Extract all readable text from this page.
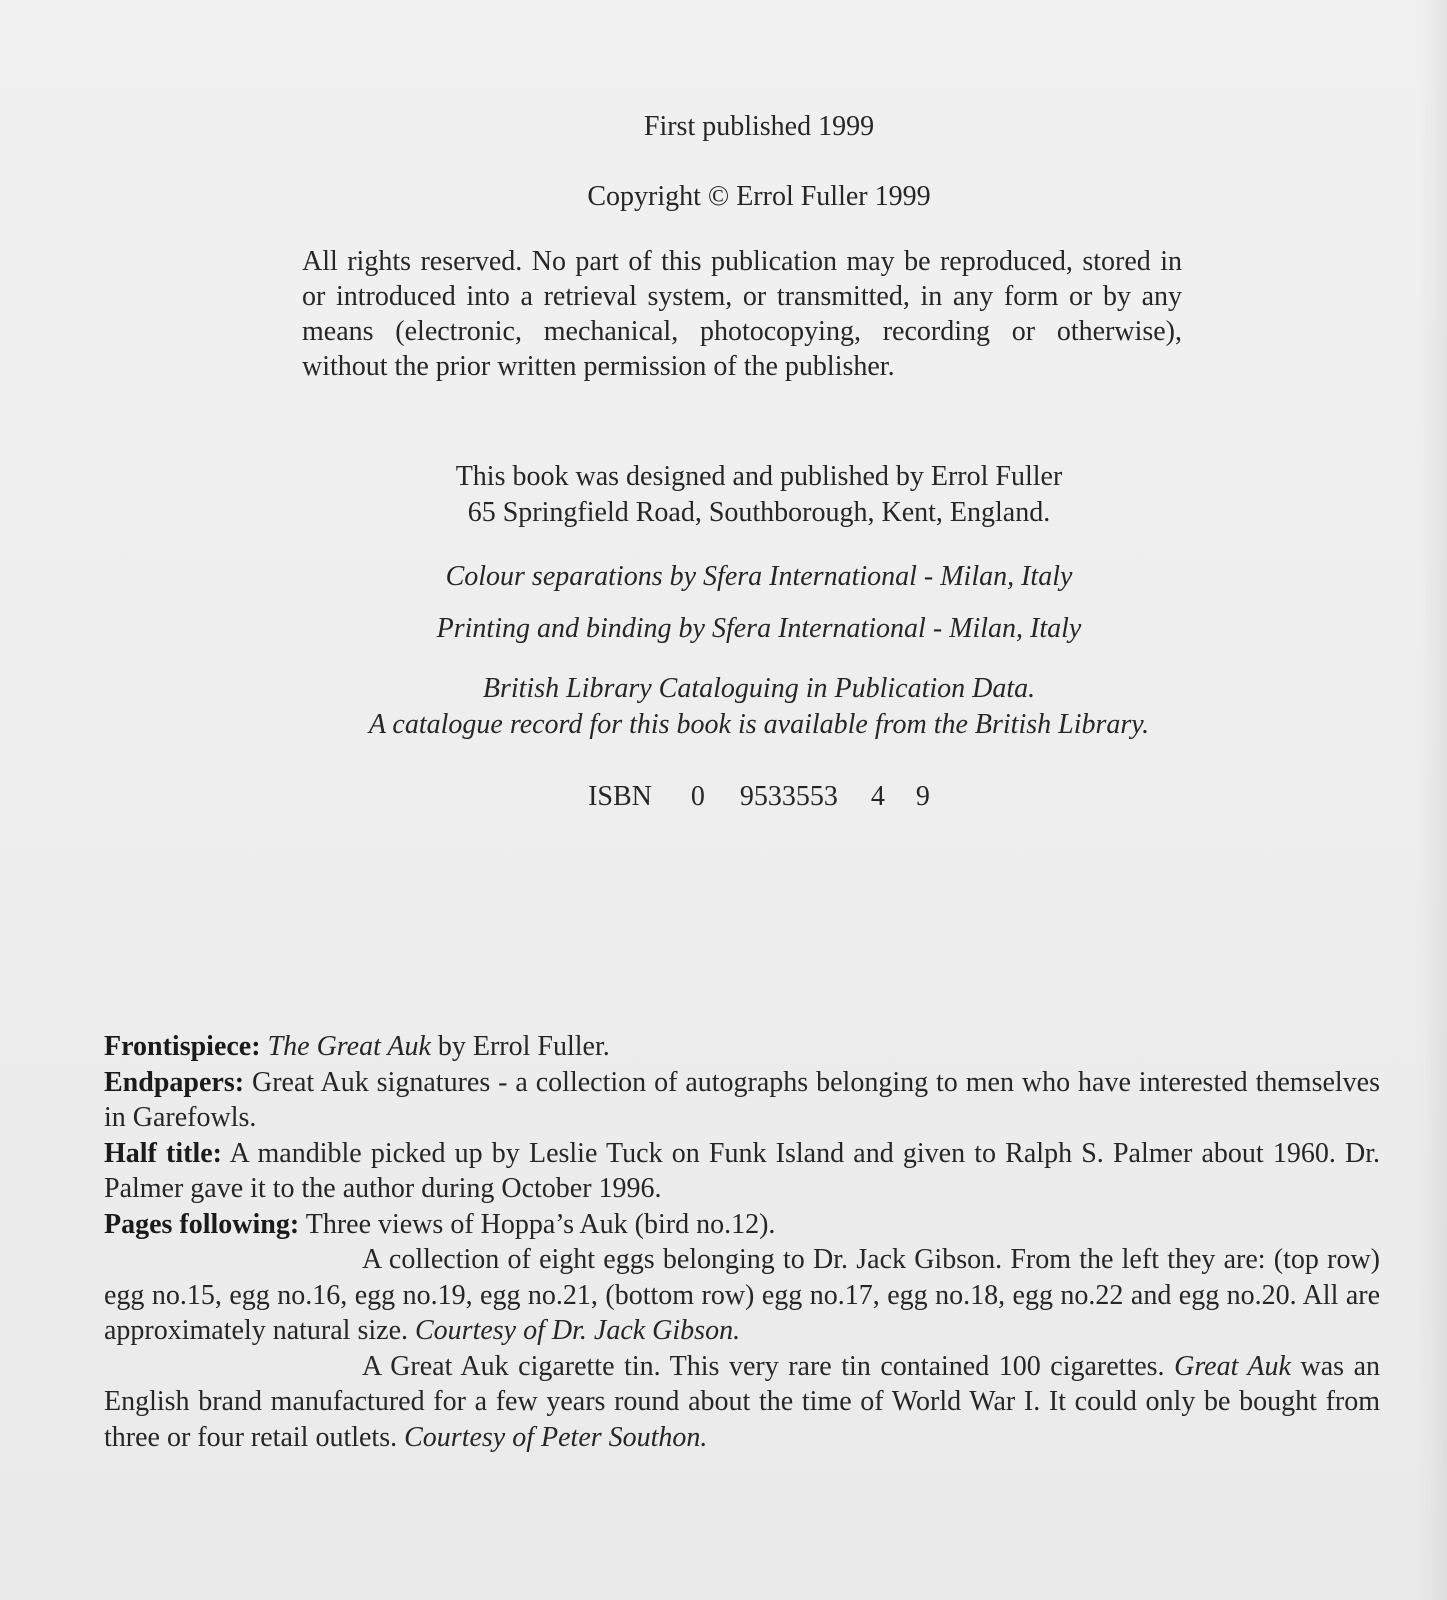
First published 1999
Copyright © Errol Fuller 1999
All rights reserved. No part of this publication may be reproduced, stored in or introduced into a retrieval system, or transmitted, in any form or by any means (electronic, mechanical, photocopying, recording or otherwise), without the prior written permission of the publisher.
This book was designed and published by Errol Fuller
65 Springfield Road, Southborough, Kent, England.
Colour separations by Sfera International - Milan, Italy
Printing and binding by Sfera International - Milan, Italy
British Library Cataloguing in Publication Data.
A catalogue record for this book is available from the British Library.
ISBN 0 9533553 4 9

Frontispiece: The Great Auk by Errol Fuller.

Endpapers: Great Auk signatures - a collection of autographs belonging to men who have interested themselves in Garefowls.

Half title: A mandible picked up by Leslie Tuck on Funk Island and given to Ralph S. Palmer about 1960. Dr. Palmer gave it to the author during October 1996.

Pages following: Three views of Hoppa’s Auk (bird no.12).

A collection of eight eggs belonging to Dr. Jack Gibson. From the left they are: (top row) egg no.15, egg no.16, egg no.19, egg no.21, (bottom row) egg no.17, egg no.18, egg no.22 and egg no.20. All are approximately natural size. Courtesy of Dr. Jack Gibson.

A Great Auk cigarette tin. This very rare tin contained 100 cigarettes. Great Auk was an English brand manufactured for a few years round about the time of World War I. It could only be bought from three or four retail outlets. Courtesy of Peter Southon.
